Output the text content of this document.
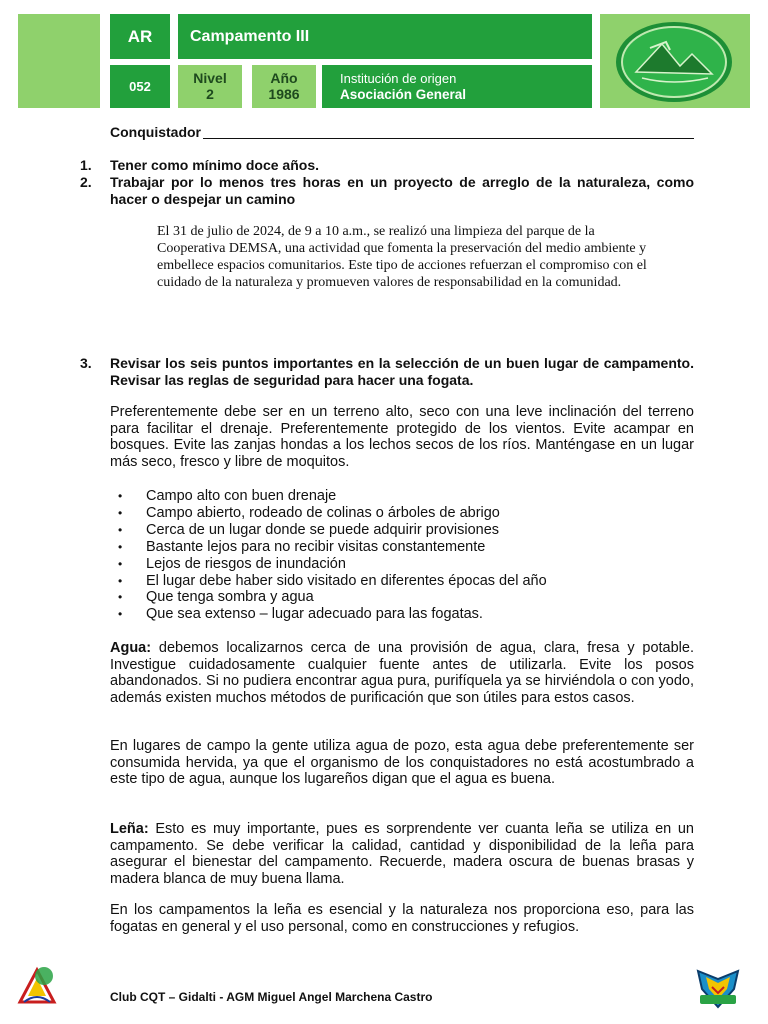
AR	Campamento III
052
Nivel
2
Año
1986
Institución de origen
Asociación General
Conquistador
1. Tener como mínimo doce años.
2. Trabajar por lo menos tres horas en un proyecto de arreglo de la naturaleza, como hacer o despejar un camino
El 31 de julio de 2024, de 9 a 10 a.m., se realizó una limpieza del parque de la Cooperativa DEMSA, una actividad que fomenta la preservación del medio ambiente y embellece espacios comunitarios. Este tipo de acciones refuerzan el compromiso con el cuidado de la naturaleza y promueven valores de responsabilidad en la comunidad.
3. Revisar los seis puntos importantes en la selección de un buen lugar de campamento. Revisar las reglas de seguridad para hacer una fogata.
Preferentemente debe ser en un terreno alto, seco con una leve inclinación del terreno para facilitar el drenaje. Preferentemente protegido de los vientos. Evite acampar en bosques. Evite las zanjas hondas a los lechos secos de los ríos. Manténgase en un lugar más seco, fresco y libre de moquitos.
• Campo alto con buen drenaje
• Campo abierto, rodeado de colinas o árboles de abrigo
• Cerca de un lugar donde se puede adquirir provisiones
• Bastante lejos para no recibir visitas constantemente
• Lejos de riesgos de inundación
• El lugar debe haber sido visitado en diferentes épocas del año
• Que tenga sombra y agua
• Que sea extenso – lugar adecuado para las fogatas.
Agua: debemos localizarnos cerca de una provisión de agua, clara, fresa y potable. Investigue cuidadosamente cualquier fuente antes de utilizarla. Evite los posos abandonados. Si no pudiera encontrar agua pura, purifíquela ya se hirviéndola o con yodo, además existen muchos métodos de purificación que son útiles para estos casos.
En lugares de campo la gente utiliza agua de pozo, esta agua debe preferentemente ser consumida hervida, ya que el organismo de los conquistadores no está acostumbrado a este tipo de agua, aunque los lugareños digan que el agua es buena.
Leña: Esto es muy importante, pues es sorprendente ver cuanta leña se utiliza en un campamento. Se debe verificar la calidad, cantidad y disponibilidad de la leña para asegurar el bienestar del campamento. Recuerde, madera oscura de buenas brasas y madera blanca de muy buena llama.
En los campamentos la leña es esencial y la naturaleza nos proporciona eso, para las fogatas en general y el uso personal, como en construcciones y refugios.
Club CQT – Gidalti - AGM Miguel Angel Marchena Castro
